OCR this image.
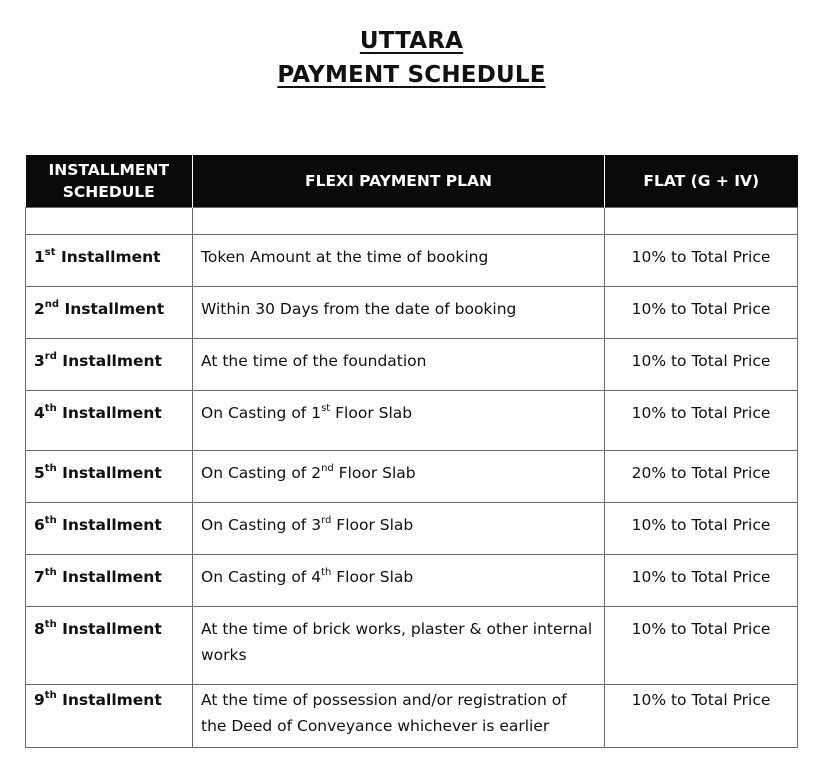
UTTARA
PAYMENT SCHEDULE
INSTALLMENT SCHEDULE	FLEXI PAYMENT PLAN	FLAT (G + IV)

1st Installment	Token Amount at the time of booking	10% to Total Price
2nd Installment	Within 30 Days from the date of booking	10% to Total Price
3rd Installment	At the time of the foundation	10% to Total Price
4th Installment	On Casting of 1st Floor Slab	10% to Total Price
5th Installment	On Casting of 2nd Floor Slab	20% to Total Price
6th Installment	On Casting of 3rd Floor Slab	10% to Total Price
7th Installment	On Casting of 4th Floor Slab	10% to Total Price
8th Installment	At the time of brick works, plaster & other internal works	10% to Total Price
9th Installment	At the time of possession and/or registration of the Deed of Conveyance whichever is earlier	10% to Total Price
